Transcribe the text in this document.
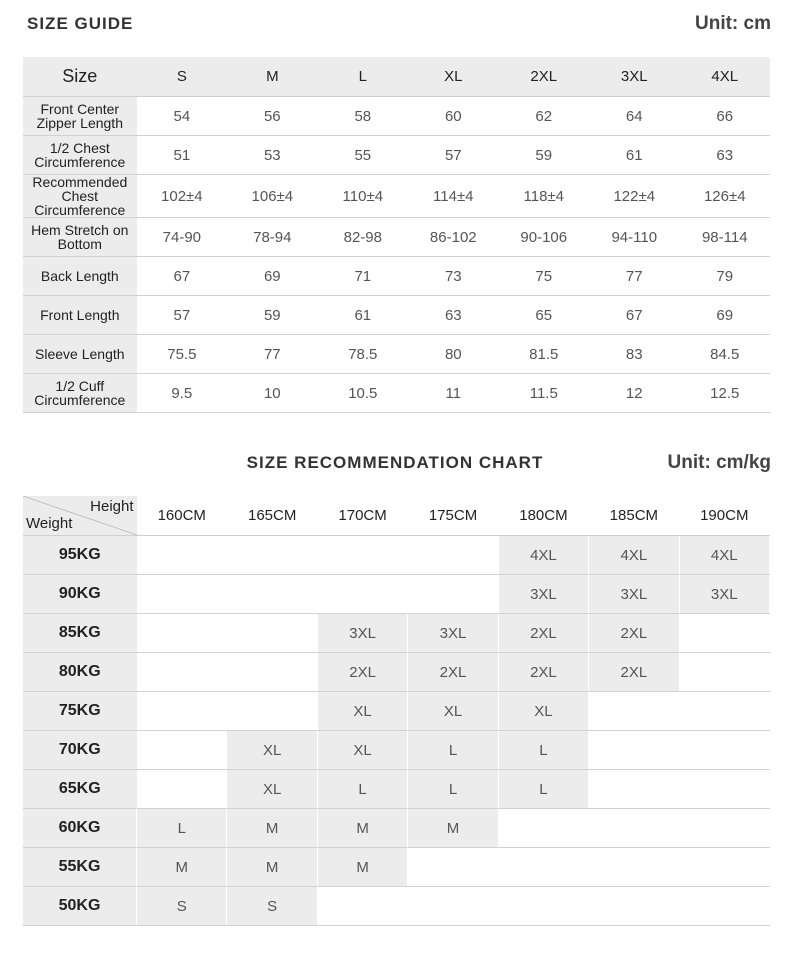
SIZE GUIDE	Unit: cm
Size	S	M	L	XL	2XL	3XL	4XL
Front Center Zipper Length	54	56	58	60	62	64	66
1/2 Chest Circumference	51	53	55	57	59	61	63
Recommended Chest Circumference	102±4	106±4	110±4	114±4	118±4	122±4	126±4
Hem Stretch on Bottom	74-90	78-94	82-98	86-102	90-106	94-110	98-114
Back Length	67	69	71	73	75	77	79
Front Length	57	59	61	63	65	67	69
Sleeve Length	75.5	77	78.5	80	81.5	83	84.5
1/2 Cuff Circumference	9.5	10	10.5	11	11.5	12	12.5
SIZE RECOMMENDATION CHART	Unit: cm/kg
Height
Weight	160CM	165CM	170CM	175CM	180CM	185CM	190CM
95KG					4XL	4XL	4XL
90KG					3XL	3XL	3XL
85KG			3XL	3XL	2XL	2XL	
80KG			2XL	2XL	2XL	2XL	
75KG			XL	XL	XL		
70KG		XL	XL	L	L		
65KG		XL	L	L	L		
60KG	L	M	M	M			
55KG	M	M	M				
50KG	S	S					
